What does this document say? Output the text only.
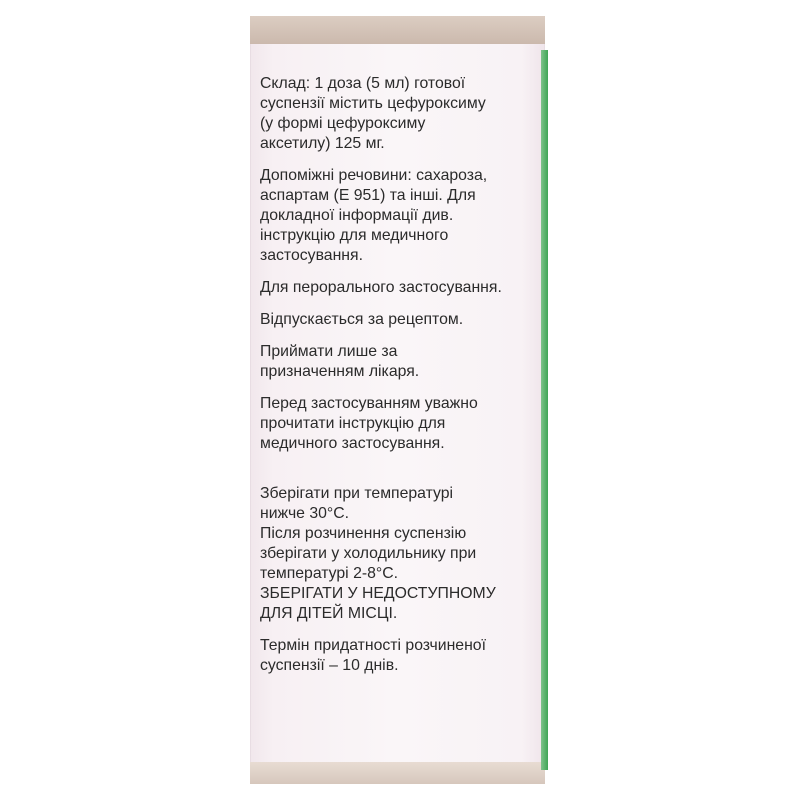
Склад: 1 доза (5 мл) готової
суспензії містить цефуроксиму
(у формі цефуроксиму
аксетилу) 125 мг.

Допоміжні речовини: сахароза,
aспартам (Е 951) та інші. Для
докладної інформації див.
інструкцію для медичного
застосування.

Для перорального застосування.

Відпускається за рецептом.

Приймати лише за
призначенням лікаря.

Перед застосуванням уважно
прочитати інструкцію для
медичного застосування.

Зберігати при температурі
нижче 30°С.
Після розчинення суспензію
зберігати у холодильнику при
температурі 2-8°С.
ЗБЕРІГАТИ У НЕДОСТУПНОМУ
ДЛЯ ДІТЕЙ МІСЦІ.

Термін придатності розчиненої
суспензії – 10 днів.
